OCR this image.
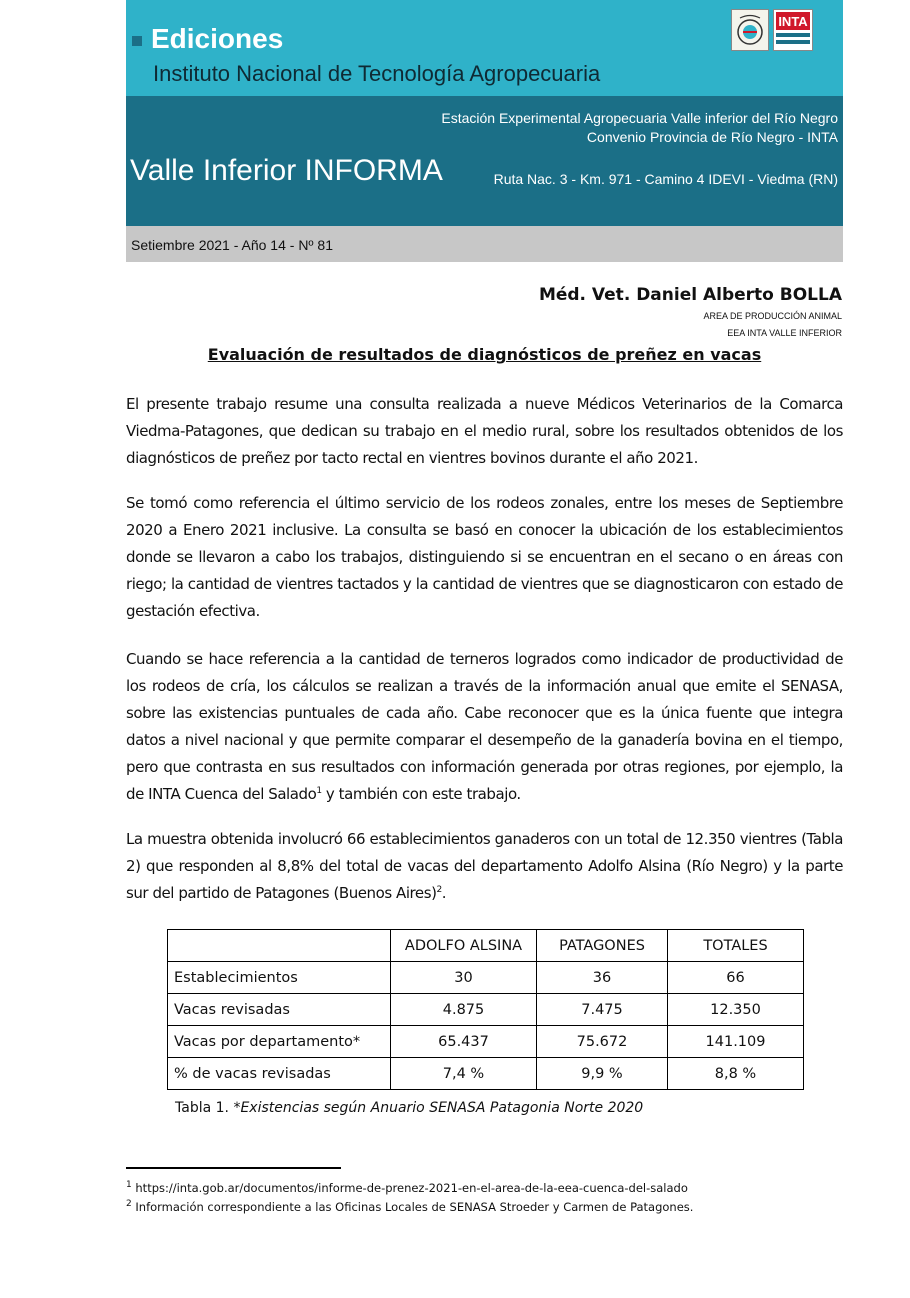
Ediciones
Instituto Nacional de Tecnología Agropecuaria
INTA
Estación Experimental Agropecuaria Valle inferior del Río Negro
Convenio Provincia de Río Negro - INTA
Valle Inferior INFORMA	Ruta Nac. 3 - Km. 971 - Camino 4 IDEVI - Viedma (RN)
Setiembre 2021 - Año 14 - Nº 81
Méd. Vet. Daniel Alberto BOLLA
AREA DE PRODUCCIÓN ANIMAL
EEA INTA VALLE INFERIOR
Evaluación de resultados de diagnósticos de preñez en vacas
El presente trabajo resume una consulta realizada a nueve Médicos Veterinarios de la Comarca Viedma-Patagones, que dedican su trabajo en el medio rural, sobre los resultados obtenidos de los diagnósticos de preñez por tacto rectal en vientres bovinos durante el año 2021.
Se tomó como referencia el último servicio de los rodeos zonales, entre los meses de Septiembre 2020 a Enero 2021 inclusive. La consulta se basó en conocer la ubicación de los establecimientos donde se llevaron a cabo los trabajos, distinguiendo si se encuentran en el secano o en áreas con riego; la cantidad de vientres tactados y la cantidad de vientres que se diagnosticaron con estado de gestación efectiva.
Cuando se hace referencia a la cantidad de terneros logrados como indicador de productividad de los rodeos de cría, los cálculos se realizan a través de la información anual que emite el SENASA, sobre las existencias puntuales de cada año. Cabe reconocer que es la única fuente que integra datos a nivel nacional y que permite comparar el desempeño de la ganadería bovina en el tiempo, pero que contrasta en sus resultados con información generada por otras regiones, por ejemplo, la de INTA Cuenca del Salado$^1$ y también con este trabajo.
La muestra obtenida involucró 66 establecimientos ganaderos con un total de 12.350 vientres (Tabla 2) que responden al 8,8% del total de vacas del departamento Adolfo Alsina (Río Negro) y la parte sur del partido de Patagones (Buenos Aires)$^2$.
	ADOLFO ALSINA	PATAGONES	TOTALES
Establecimientos	30	36	66
Vacas revisadas	4.875	7.475	12.350
Vacas por departamento*	65.437	75.672	141.109
% de vacas revisadas	7,4 %	9,9 %	8,8 %
Tabla 1. *Existencias según Anuario SENASA Patagonia Norte 2020
$^1$ https://inta.gob.ar/documentos/informe-de-prenez-2021-en-el-area-de-la-eea-cuenca-del-salado
$^2$ Información correspondiente a las Oficinas Locales de SENASA Stroeder y Carmen de Patagones.
